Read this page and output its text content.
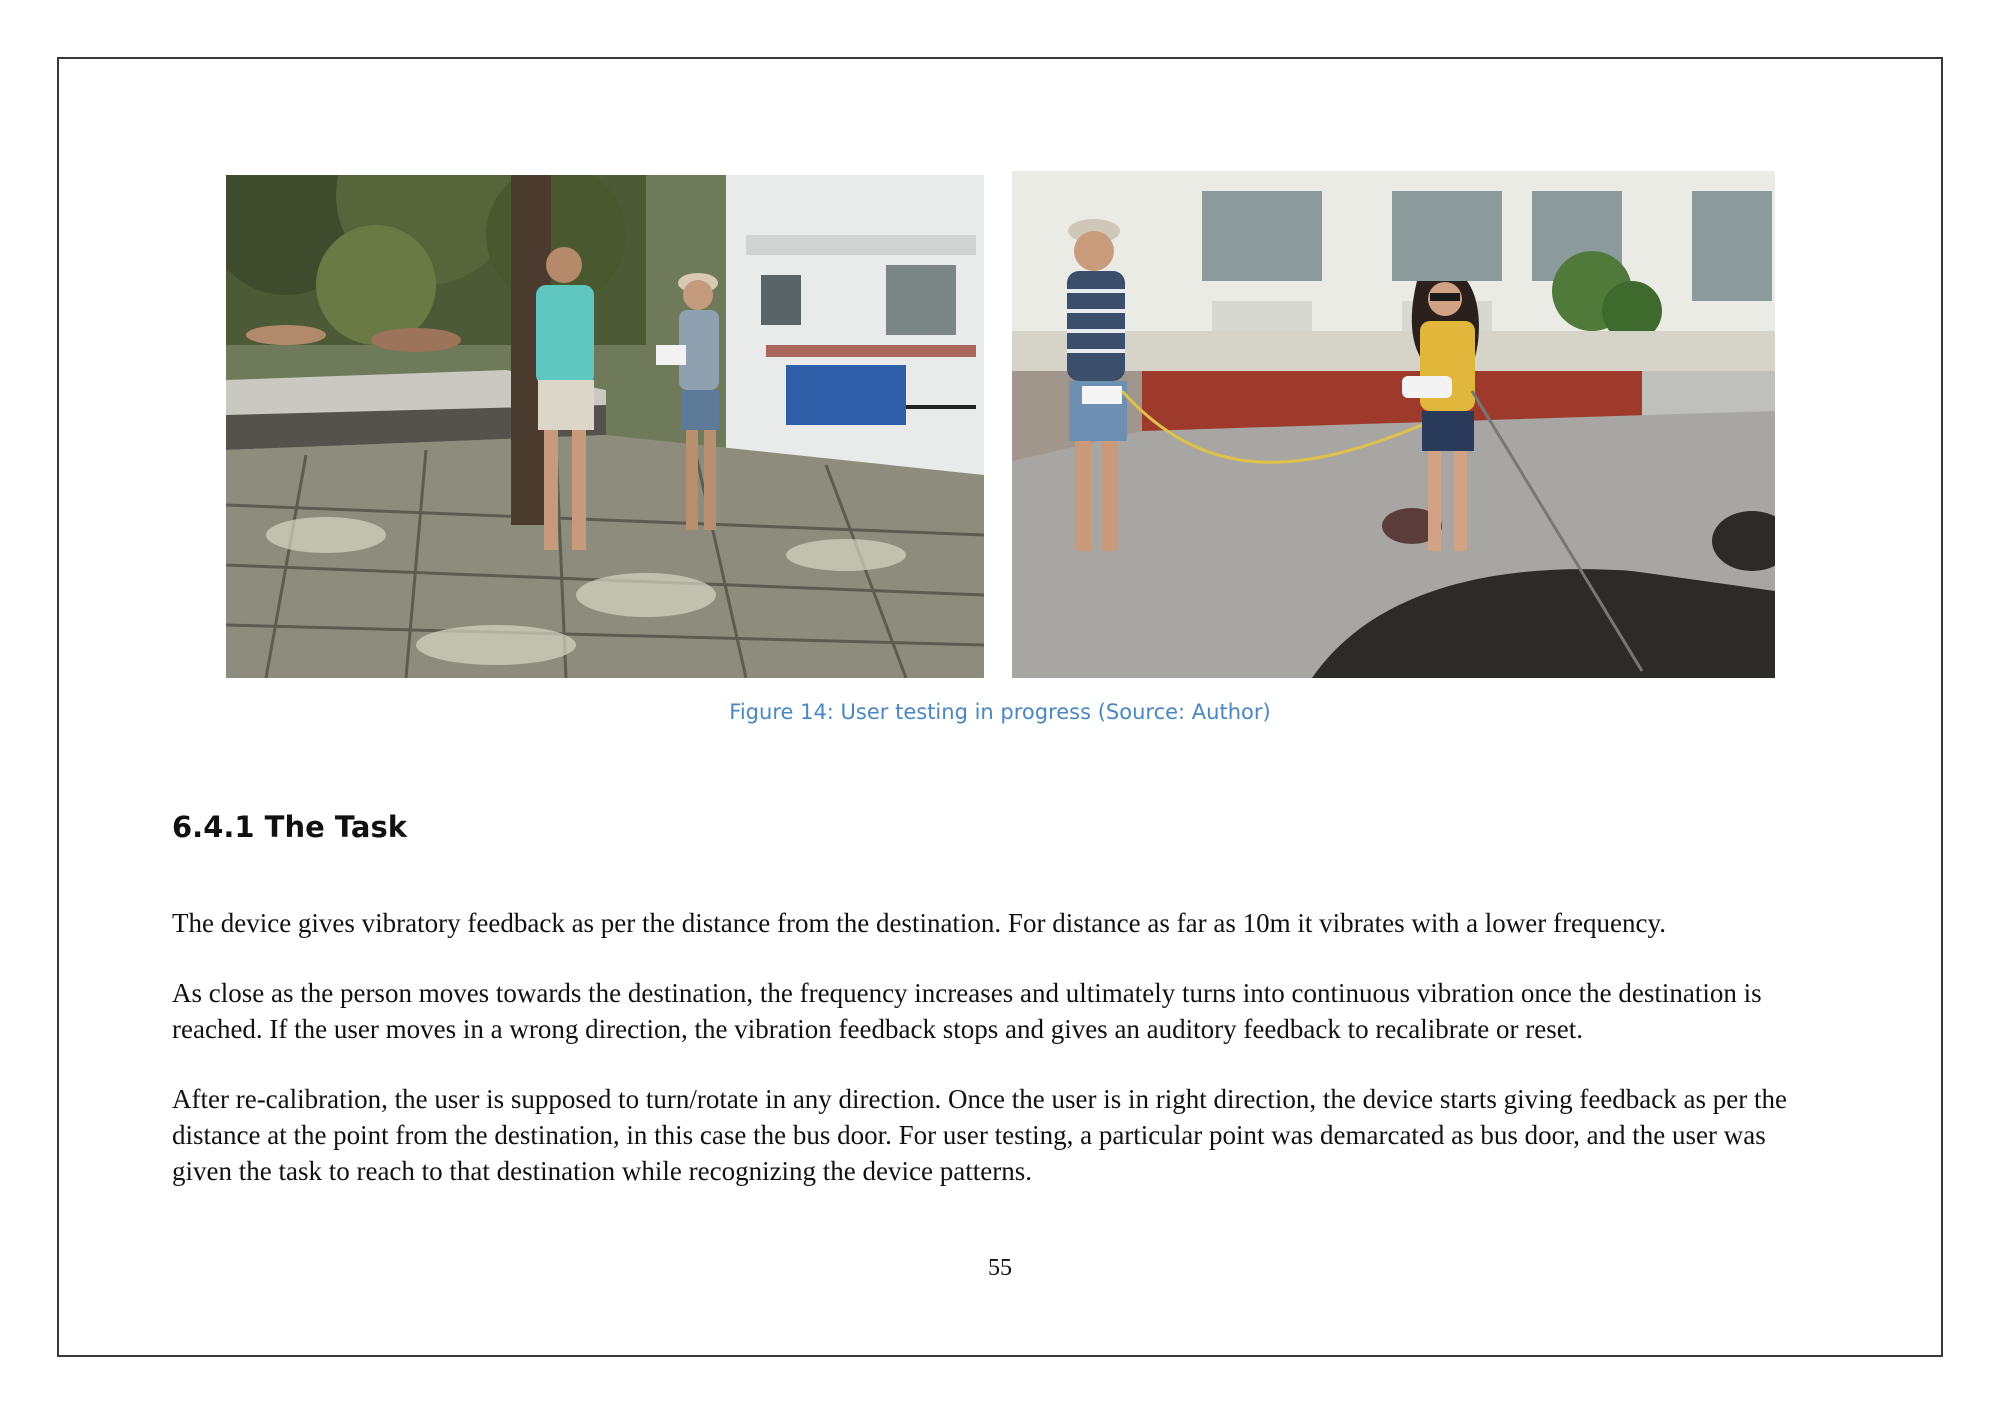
Figure 14: User testing in progress (Source: Author)
6.4.1 The Task

The device gives vibratory feedback as per the distance from the destination. For distance as far as 10m it vibrates with a lower frequency.

As close as the person moves towards the destination, the frequency increases and ultimately turns into continuous vibration once the destination is reached. If the user moves in a wrong direction, the vibration feedback stops and gives an auditory feedback to recalibrate or reset.

After re-calibration, the user is supposed to turn/rotate in any direction. Once the user is in right direction, the device starts giving feedback as per the distance at the point from the destination, in this case the bus door. For user testing, a particular point was demarcated as bus door, and the user was given the task to reach to that destination while recognizing the device patterns.

55
